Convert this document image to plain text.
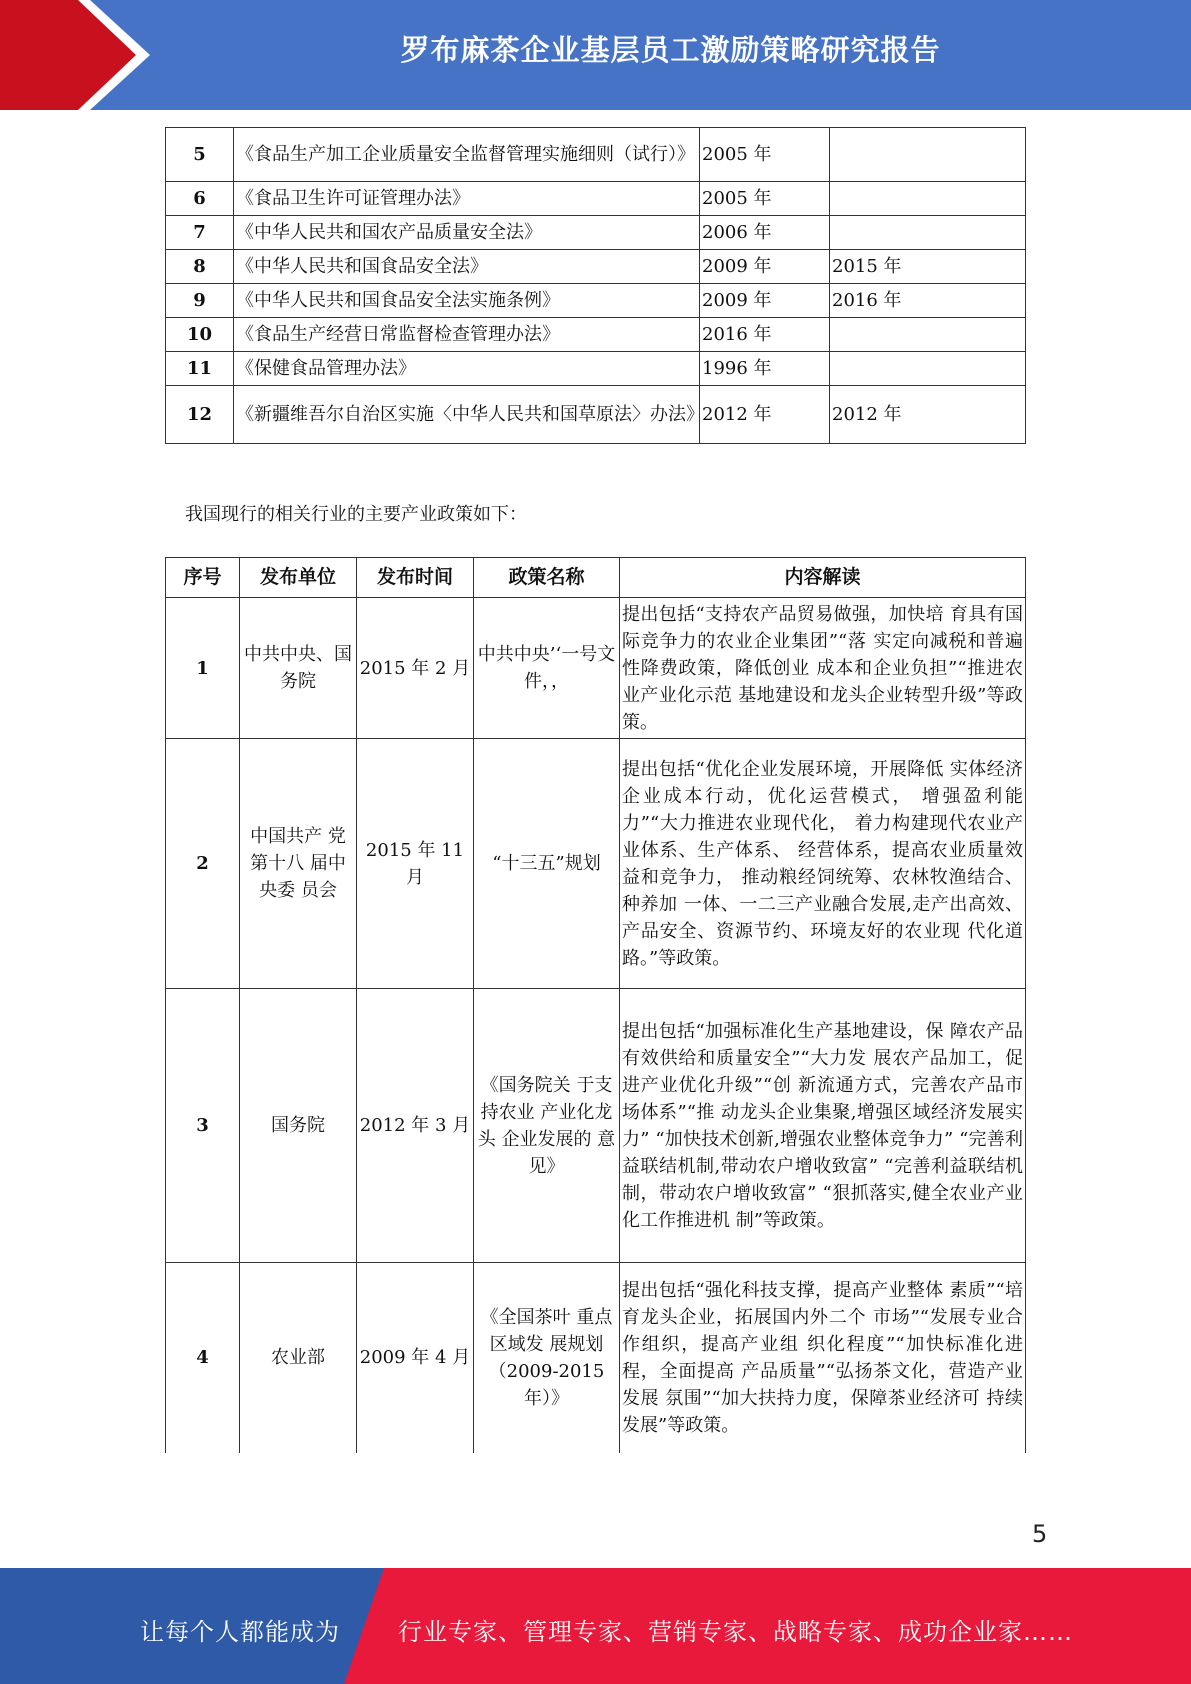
罗布麻茶企业基层员工激励策略研究报告
5	《食品生产加工企业质量安全监督管理实施细则（试行）》	2005 年	
6	《食品卫生许可证管理办法》	2005 年	
7	《中华人民共和国农产品质量安全法》	2006 年	
8	《中华人民共和国食品安全法》	2009 年	2015 年
9	《中华人民共和国食品安全法实施条例》	2009 年	2016 年
10	《食品生产经营日常监督检查管理办法》	2016 年	
11	《保健食品管理办法》	1996 年	
12	《新疆维吾尔自治区实施〈中华人民共和国草原法〉办法》	2012 年	2012 年
我国现行的相关行业的主要产业政策如下：
序号	发布单位	发布时间	政策名称	内容解读
1	中共中央、国务院	2015 年 2 月	中共中央’‘一号文件，，	提出包括“支持农产品贸易做强，加快培 育具有国际竞争力的农业企业集团”“落 实定向减税和普遍性降费政策，降低创业 成本和企业负担”“推进农业产业化示范 基地建设和龙头企业转型升级”等政策。
2	中国共产 党第十八 届中央委 员会	2015 年 11 月	“十三五”规划	提出包括“优化企业发展环境，开展降低 实体经济企业成本行动，优化运营模式， 增强盈利能力”“大力推进农业现代化， 着力构建现代农业产业体系、生产体系、 经营体系，提高农业质量效益和竞争力， 推动粮经饲统筹、农林牧渔结合、种养加 一体、一二三产业融合发展,走产出高效、 产品安全、资源节约、环境友好的农业现 代化道路。”等政策。
3	国务院	2012 年 3 月	《国务院关 于支持农业 产业化龙头 企业发展的 意见》	提出包括“加强标准化生产基地建设，保 障农产品有效供给和质量安全”“大力发 展农产品加工，促进产业优化升级”“创 新流通方式，完善农产品市场体系”“推 动龙头企业集聚,增强区域经济发展实力” “加快技术创新,增强农业整体竞争力” “完善利益联结机制,带动农户增收致富” “完善利益联结机制，带动农户增收致富” “狠抓落实,健全农业产业化工作推进机 制”等政策。
4	农业部	2009 年 4 月	《全国茶叶 重点区域发 展规划（2009-2015年）》	提出包括“强化科技支撑，提高产业整体 素质”“培育龙头企业，拓展国内外二个 市场”“发展专业合作组织，提高产业组 织化程度”“加快标准化进程，全面提高 产品质量”“弘扬茶文化，营造产业发展 氛围”“加大扶持力度，保障茶业经济可 持续发展”等政策。
5
让每个人都能成为 行业专家、管理专家、营销专家、战略专家、成功企业家……
